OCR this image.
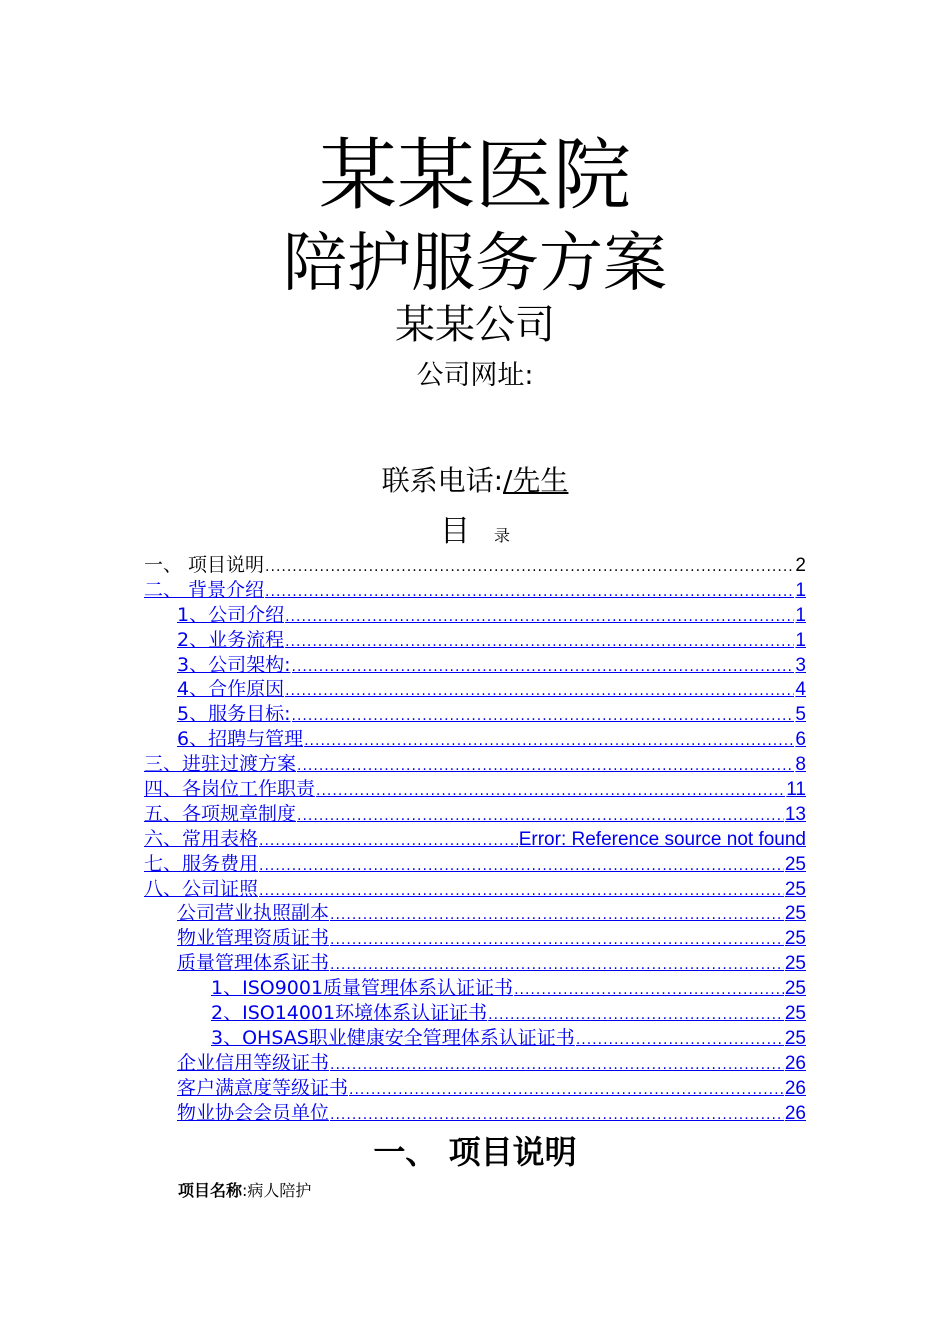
某某医院
陪护服务方案
某某公司
公司网址:
联系电话:/先生
目 录
一、 项目说明 .....	2
二、 背景介绍 .....	1
1、公司介绍 .....	1
2、业务流程 .....	1
3、公司架构: .....	3
4、合作原因 .....	4
5、服务目标: .....	5
6、招聘与管理 .....	6
三、进驻过渡方案 .....	8
四、各岗位工作职责 .....	11
五、各项规章制度 .....	13
六、常用表格 .....	Error: Reference source not found
七、服务费用 .....	25
八、公司证照 .....	25
公司营业执照副本 .....	25
物业管理资质证书 .....	25
质量管理体系证书 .....	25
1、ISO9001质量管理体系认证证书 .....	25
2、ISO14001环境体系认证证书 .....	25
3、OHSAS职业健康安全管理体系认证证书 .....	25
企业信用等级证书 .....	26
客户满意度等级证书 .....	26
物业协会会员单位 .....	26
一、 项目说明
项目名称:病人陪护
